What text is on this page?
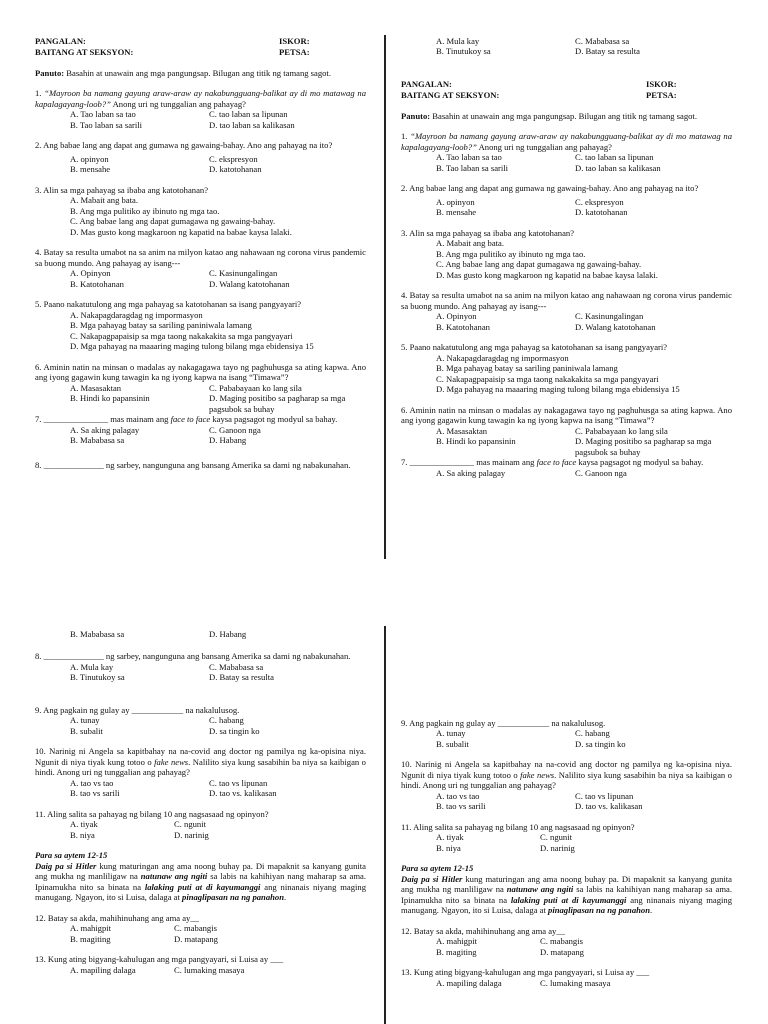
PANGALAN:	ISKOR:
BAITANG AT SEKSYON:	PETSA:

Panuto: Basahin at unawain ang mga pangungsap. Bilugan ang titik ng tamang sagot.

1. “Mayroon ba namang gayung araw-araw ay nakabungguang-balikat ay di mo matawag na kapalagayang-loob?” Anong uri ng tunggalian ang pahayag?

A. Tao laban sa tao	C. tao laban sa lipunan
B. Tao laban sa sarili	D. tao laban sa kalikasan

2. Ang babae lang ang dapat ang gumawa ng gawaing-bahay. Ano ang pahayag na ito?

A. opinyon	C. ekspresyon
B. mensahe	D. katotohanan

3. Alin sa mga pahayag sa ibaba ang katotohanan?

A. Mabait ang bata.
B. Ang mga pulitiko ay ibinuto ng mga tao.
C. Ang babae lang ang dapat gumagawa ng gawaing-bahay.
D. Mas gusto kong magkaroon ng kapatid na babae kaysa lalaki.

4. Batay sa resulta umabot na sa anim na milyon katao ang nahawaan ng corona virus pandemic sa buong mundo. Ang pahayag ay isang---

A. Opinyon	C. Kasinungalingan
B. Katotohanan	D. Walang katotohanan

5. Paano nakatutulong ang mga pahayag sa katotohanan sa isang pangyayari?

A. Nakapagdaragdag ng impormasyon
B. Mga pahayag batay sa sariling paniniwala lamang
C. Nakapagpapaisip sa mga taong nakakakita sa mga pangyayari
D. Mga pahayag na maaaring maging tulong bilang mga ebidensiya 15

6. Aminin natin na minsan o madalas ay nakagagawa tayo ng paghuhusga sa ating kapwa. Ano ang iyong gagawin kung tawagin ka ng iyong kapwa na isang “Timawa”?

A. Masasaktan	C. Pababayaan ko lang sila
B. Hindi ko papansinin	D. Maging positibo sa pagharap sa mga pagsubok sa buhay

7. _______________ mas mainam ang face to face kaysa pagsagot ng modyul sa bahay.

A. Sa aking palagay	C. Ganoon nga
B. Mababasa sa	D. Habang

8. ______________ ng sarbey, nangunguna ang bansang Amerika sa dami ng nabakunahan.

A. Mula kay	C. Mababasa sa
B. Tinutukoy sa	D. Batay sa resulta
PANGALAN:	ISKOR:
BAITANG AT SEKSYON:	PETSA:

Panuto: Basahin at unawain ang mga pangungsap. Bilugan ang titik ng tamang sagot.

1. “Mayroon ba namang gayung araw-araw ay nakabungguang-balikat ay di mo matawag na kapalagayang-loob?” Anong uri ng tunggalian ang pahayag?

A. Tao laban sa tao	C. tao laban sa lipunan
B. Tao laban sa sarili	D. tao laban sa kalikasan

2. Ang babae lang ang dapat ang gumawa ng gawaing-bahay. Ano ang pahayag na ito?

A. opinyon	C. ekspresyon
B. mensahe	D. katotohanan

3. Alin sa mga pahayag sa ibaba ang katotohanan?

A. Mabait ang bata.
B. Ang mga pulitiko ay ibinuto ng mga tao.
C. Ang babae lang ang dapat gumagawa ng gawaing-bahay.
D. Mas gusto kong magkaroon ng kapatid na babae kaysa lalaki.

4. Batay sa resulta umabot na sa anim na milyon katao ang nahawaan ng corona virus pandemic sa buong mundo. Ang pahayag ay isang---

A. Opinyon	C. Kasinungalingan
B. Katotohanan	D. Walang katotohanan

5. Paano nakatutulong ang mga pahayag sa katotohanan sa isang pangyayari?

A. Nakapagdaragdag ng impormasyon
B. Mga pahayag batay sa sariling paniniwala lamang
C. Nakapagpapaisip sa mga taong nakakakita sa mga pangyayari
D. Mga pahayag na maaaring maging tulong bilang mga ebidensiya 15

6. Aminin natin na minsan o madalas ay nakagagawa tayo ng paghuhusga sa ating kapwa. Ano ang iyong gagawin kung tawagin ka ng iyong kapwa na isang “Timawa”?

A. Masasaktan	C. Pababayaan ko lang sila
B. Hindi ko papansinin	D. Maging positibo sa pagharap sa mga pagsubok sa buhay

7. _______________ mas mainam ang face to face kaysa pagsagot ng modyul sa bahay.

A. Sa aking palagay	C. Ganoon nga
B. Mababasa sa	D. Habang

8. ______________ ng sarbey, nangunguna ang bansang Amerika sa dami ng nabakunahan.

A. Mula kay	C. Mababasa sa
B. Tinutukoy sa	D. Batay sa resulta

9. Ang pagkain ng gulay ay ____________ na nakalulusog.

A. tunay	C. habang
B. subalit	D. sa tingin ko

10. Narinig ni Angela sa kapitbahay na na-covid ang doctor ng pamilya ng ka-opisina niya. Ngunit di niya tiyak kung totoo o fake news. Nalilito siya kung sasabihin ba niya sa kaibigan o hindi. Anong uri ng tunggalian ang pahayag?

A. tao vs tao	C. tao vs lipunan
B. tao vs sarili	D. tao vs. kalikasan

11. Aling salita sa pahayag ng bilang 10 ang nagsasaad ng opinyon?

A. tiyak	C. ngunit
B. niya	D. narinig

Para sa aytem 12-15

Daig pa si Hitler kung maturingan ang ama noong buhay pa. Di mapaknit sa kanyang gunita ang mukha ng manliligaw na natunaw ang ngiti sa labis na kahihiyan nang maharap sa ama. Ipinamukha nito sa binata na lalaking puti at di kayumanggi ang ninanais niyang maging manugang. Ngayon, ito si Luisa, dalaga at pinaglipasan na ng panahon.

12. Batay sa akda, mahihinuhang ang ama ay__

A. mahigpit	C. mabangis
B. magiting	D. matapang

13. Kung ating bigyang-kahulugan ang mga pangyayari, si Luisa ay ___

A. mapiling dalaga	C. lumaking masaya

9. Ang pagkain ng gulay ay ____________ na nakalulusog.

A. tunay	C. habang
B. subalit	D. sa tingin ko

10. Narinig ni Angela sa kapitbahay na na-covid ang doctor ng pamilya ng ka-opisina niya. Ngunit di niya tiyak kung totoo o fake news. Nalilito siya kung sasabihin ba niya sa kaibigan o hindi. Anong uri ng tunggalian ang pahayag?

A. tao vs tao	C. tao vs lipunan
B. tao vs sarili	D. tao vs. kalikasan

11. Aling salita sa pahayag ng bilang 10 ang nagsasaad ng opinyon?

A. tiyak	C. ngunit
B. niya	D. narinig

Para sa aytem 12-15

Daig pa si Hitler kung maturingan ang ama noong buhay pa. Di mapaknit sa kanyang gunita ang mukha ng manliligaw na natunaw ang ngiti sa labis na kahihiyan nang maharap sa ama. Ipinamukha nito sa binata na lalaking puti at di kayumanggi ang ninanais niyang maging manugang. Ngayon, ito si Luisa, dalaga at pinaglipasan na ng panahon.

12. Batay sa akda, mahihinuhang ang ama ay__

A. mahigpit	C. mabangis
B. magiting	D. matapang

13. Kung ating bigyang-kahulugan ang mga pangyayari, si Luisa ay ___

A. mapiling dalaga	C. lumaking masaya
